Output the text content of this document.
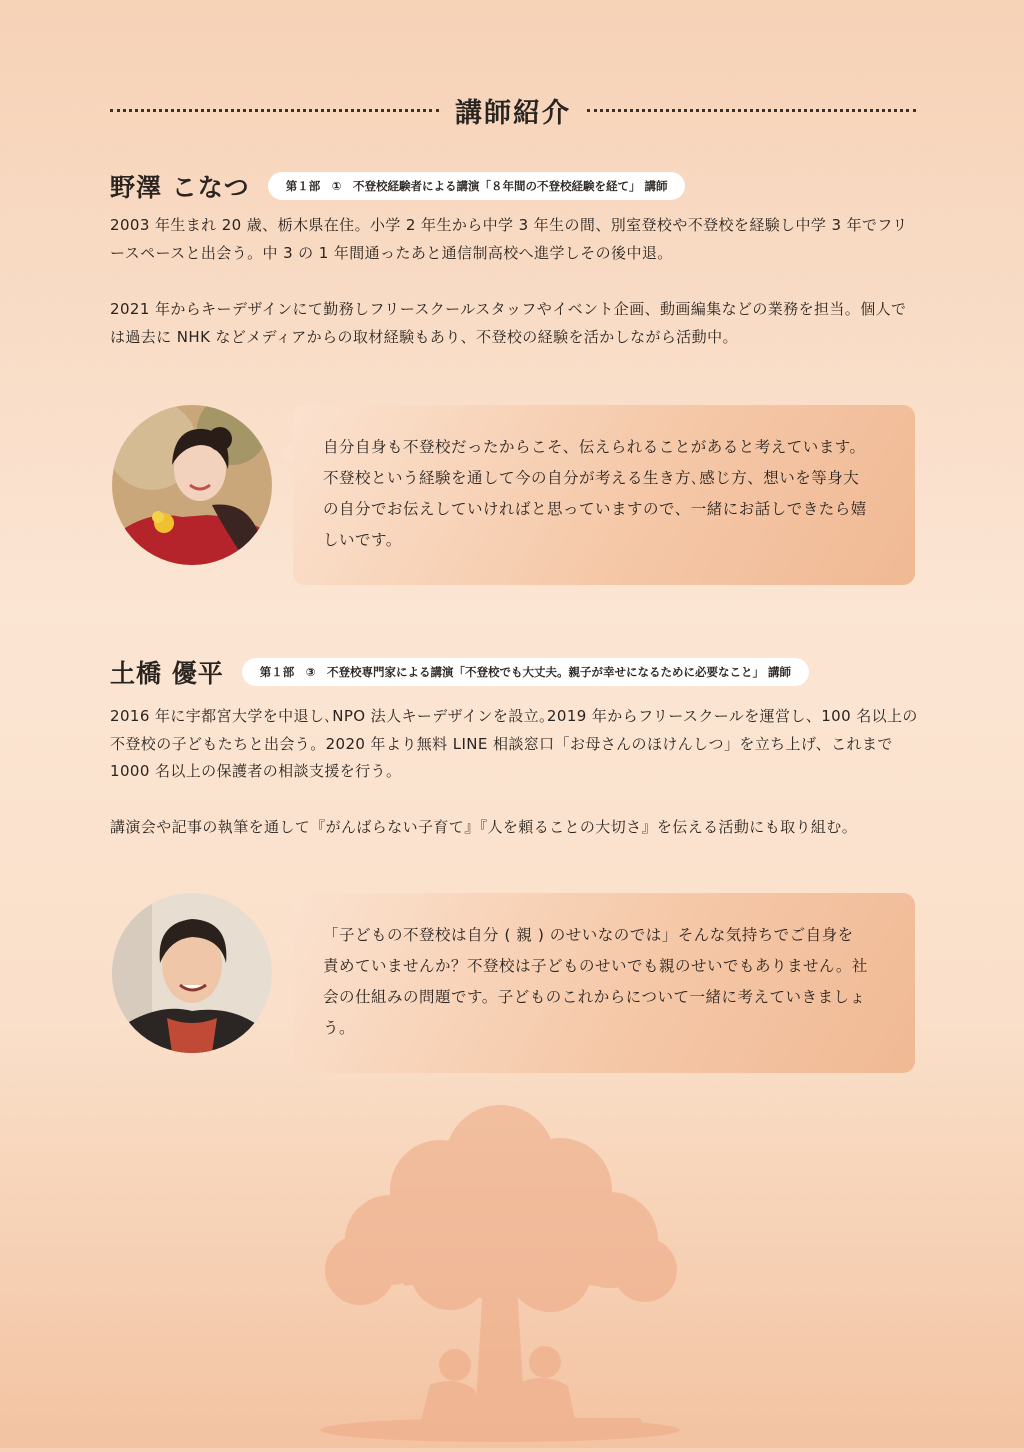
講師紹介
野澤 こなつ	第１部　①　不登校経験者による講演「８年間の不登校経験を経て」 講師

2003 年生まれ 20 歳、栃木県在住。小学 2 年生から中学 3 年生の間、別室登校や不登校を経験し中学 3 年でフリースペースと出会う。中 3 の 1 年間通ったあと通信制高校へ進学しその後中退。

2021 年からキーデザインにて勤務しフリースクールスタッフやイベント企画、動画編集などの業務を担当。個人では過去に NHK などメディアからの取材経験もあり、不登校の経験を活かしながら活動中。

自分自身も不登校だったからこそ、伝えられることがあると考えています。不登校という経験を通して今の自分が考える生き方､感じ方、想いを等身大の自分でお伝えしていければと思っていますので、一緒にお話しできたら嬉しいです。

土橋 優平	第１部　③　不登校専門家による講演「不登校でも大丈夫。親子が幸せになるために必要なこと」 講師

2016 年に宇都宮大学を中退し､NPO 法人キーデザインを設立｡2019 年からフリースクールを運営し、100 名以上の不登校の子どもたちと出会う。2020 年より無料 LINE 相談窓口「お母さんのほけんしつ」を立ち上げ、これまで 1000 名以上の保護者の相談支援を行う。

講演会や記事の執筆を通して『がんばらない子育て』『人を頼ることの大切さ』を伝える活動にも取り組む。

「子どもの不登校は自分 ( 親 ) のせいなのでは」そんな気持ちでご自身を責めていませんか？不登校は子どものせいでも親のせいでもありません。社会の仕組みの問題です。子どものこれからについて一緒に考えていきましょう。
